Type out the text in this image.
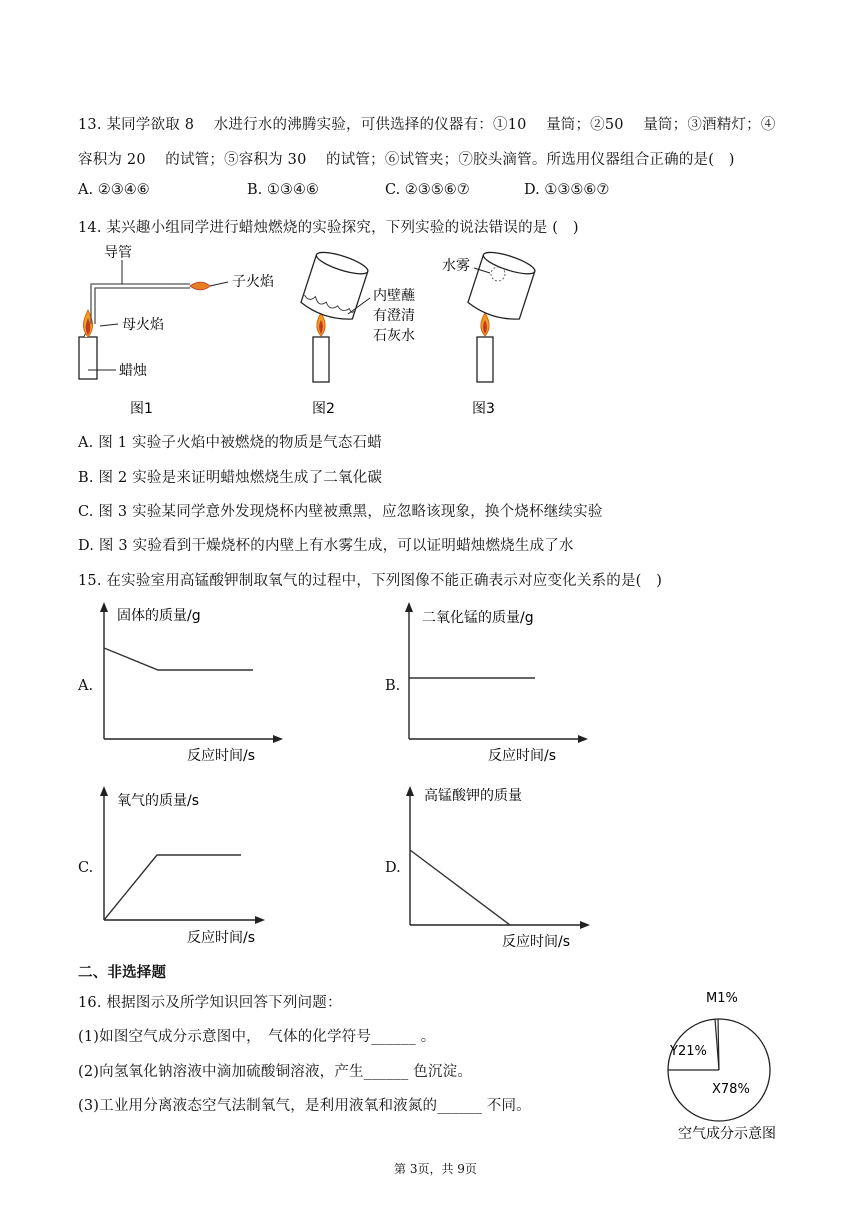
13. 某同学欲取 8　 水进行水的沸腾实验，可供选择的仪器有：①10　 量筒；②50　 量筒；③酒精灯；④
容积为 20　 的试管；⑤容积为 30　 的试管；⑥试管夹；⑦胶头滴管。所选用仪器组合正确的是(　)
A. ②③④⑥	B. ①③④⑥	C. ②③⑤⑥⑦	D. ①③⑤⑥⑦
14. 某兴趣小组同学进行蜡烛燃烧的实验探究，下列实验的说法错误的是 (　)
导管
子火焰
母火焰
蜡烛
图1
内壁蘸
有澄清
石灰水
图2
水雾
图3
A. 图 1 实验子火焰中被燃烧的物质是气态石蜡
B. 图 2 实验是来证明蜡烛燃烧生成了二氧化碳
C. 图 3 实验某同学意外发现烧杯内壁被熏黑，应忽略该现象，换个烧杯继续实验
D. 图 3 实验看到干燥烧杯的内壁上有水雾生成，可以证明蜡烛燃烧生成了水
15. 在实验室用高锰酸钾制取氧气的过程中，下列图像不能正确表示对应变化关系的是(　)
A.
固体的质量/g
反应时间/s
B.
二氧化锰的质量/g
反应时间/s
C.
氧气的质量/s
反应时间/s
D.
高锰酸钾的质量
反应时间/s
二、非选择题
16. 根据图示及所学知识回答下列问题：
(1)如图空气成分示意图中，　气体的化学符号______ 。
(2)向氢氧化钠溶液中滴加硫酸铜溶液，产生______ 色沉淀。
(3)工业用分离液态空气法制氧气，是利用液氧和液氮的______ 不同。
M1%
Y21%
X78%
空气成分示意图
第 3页，共 9页
